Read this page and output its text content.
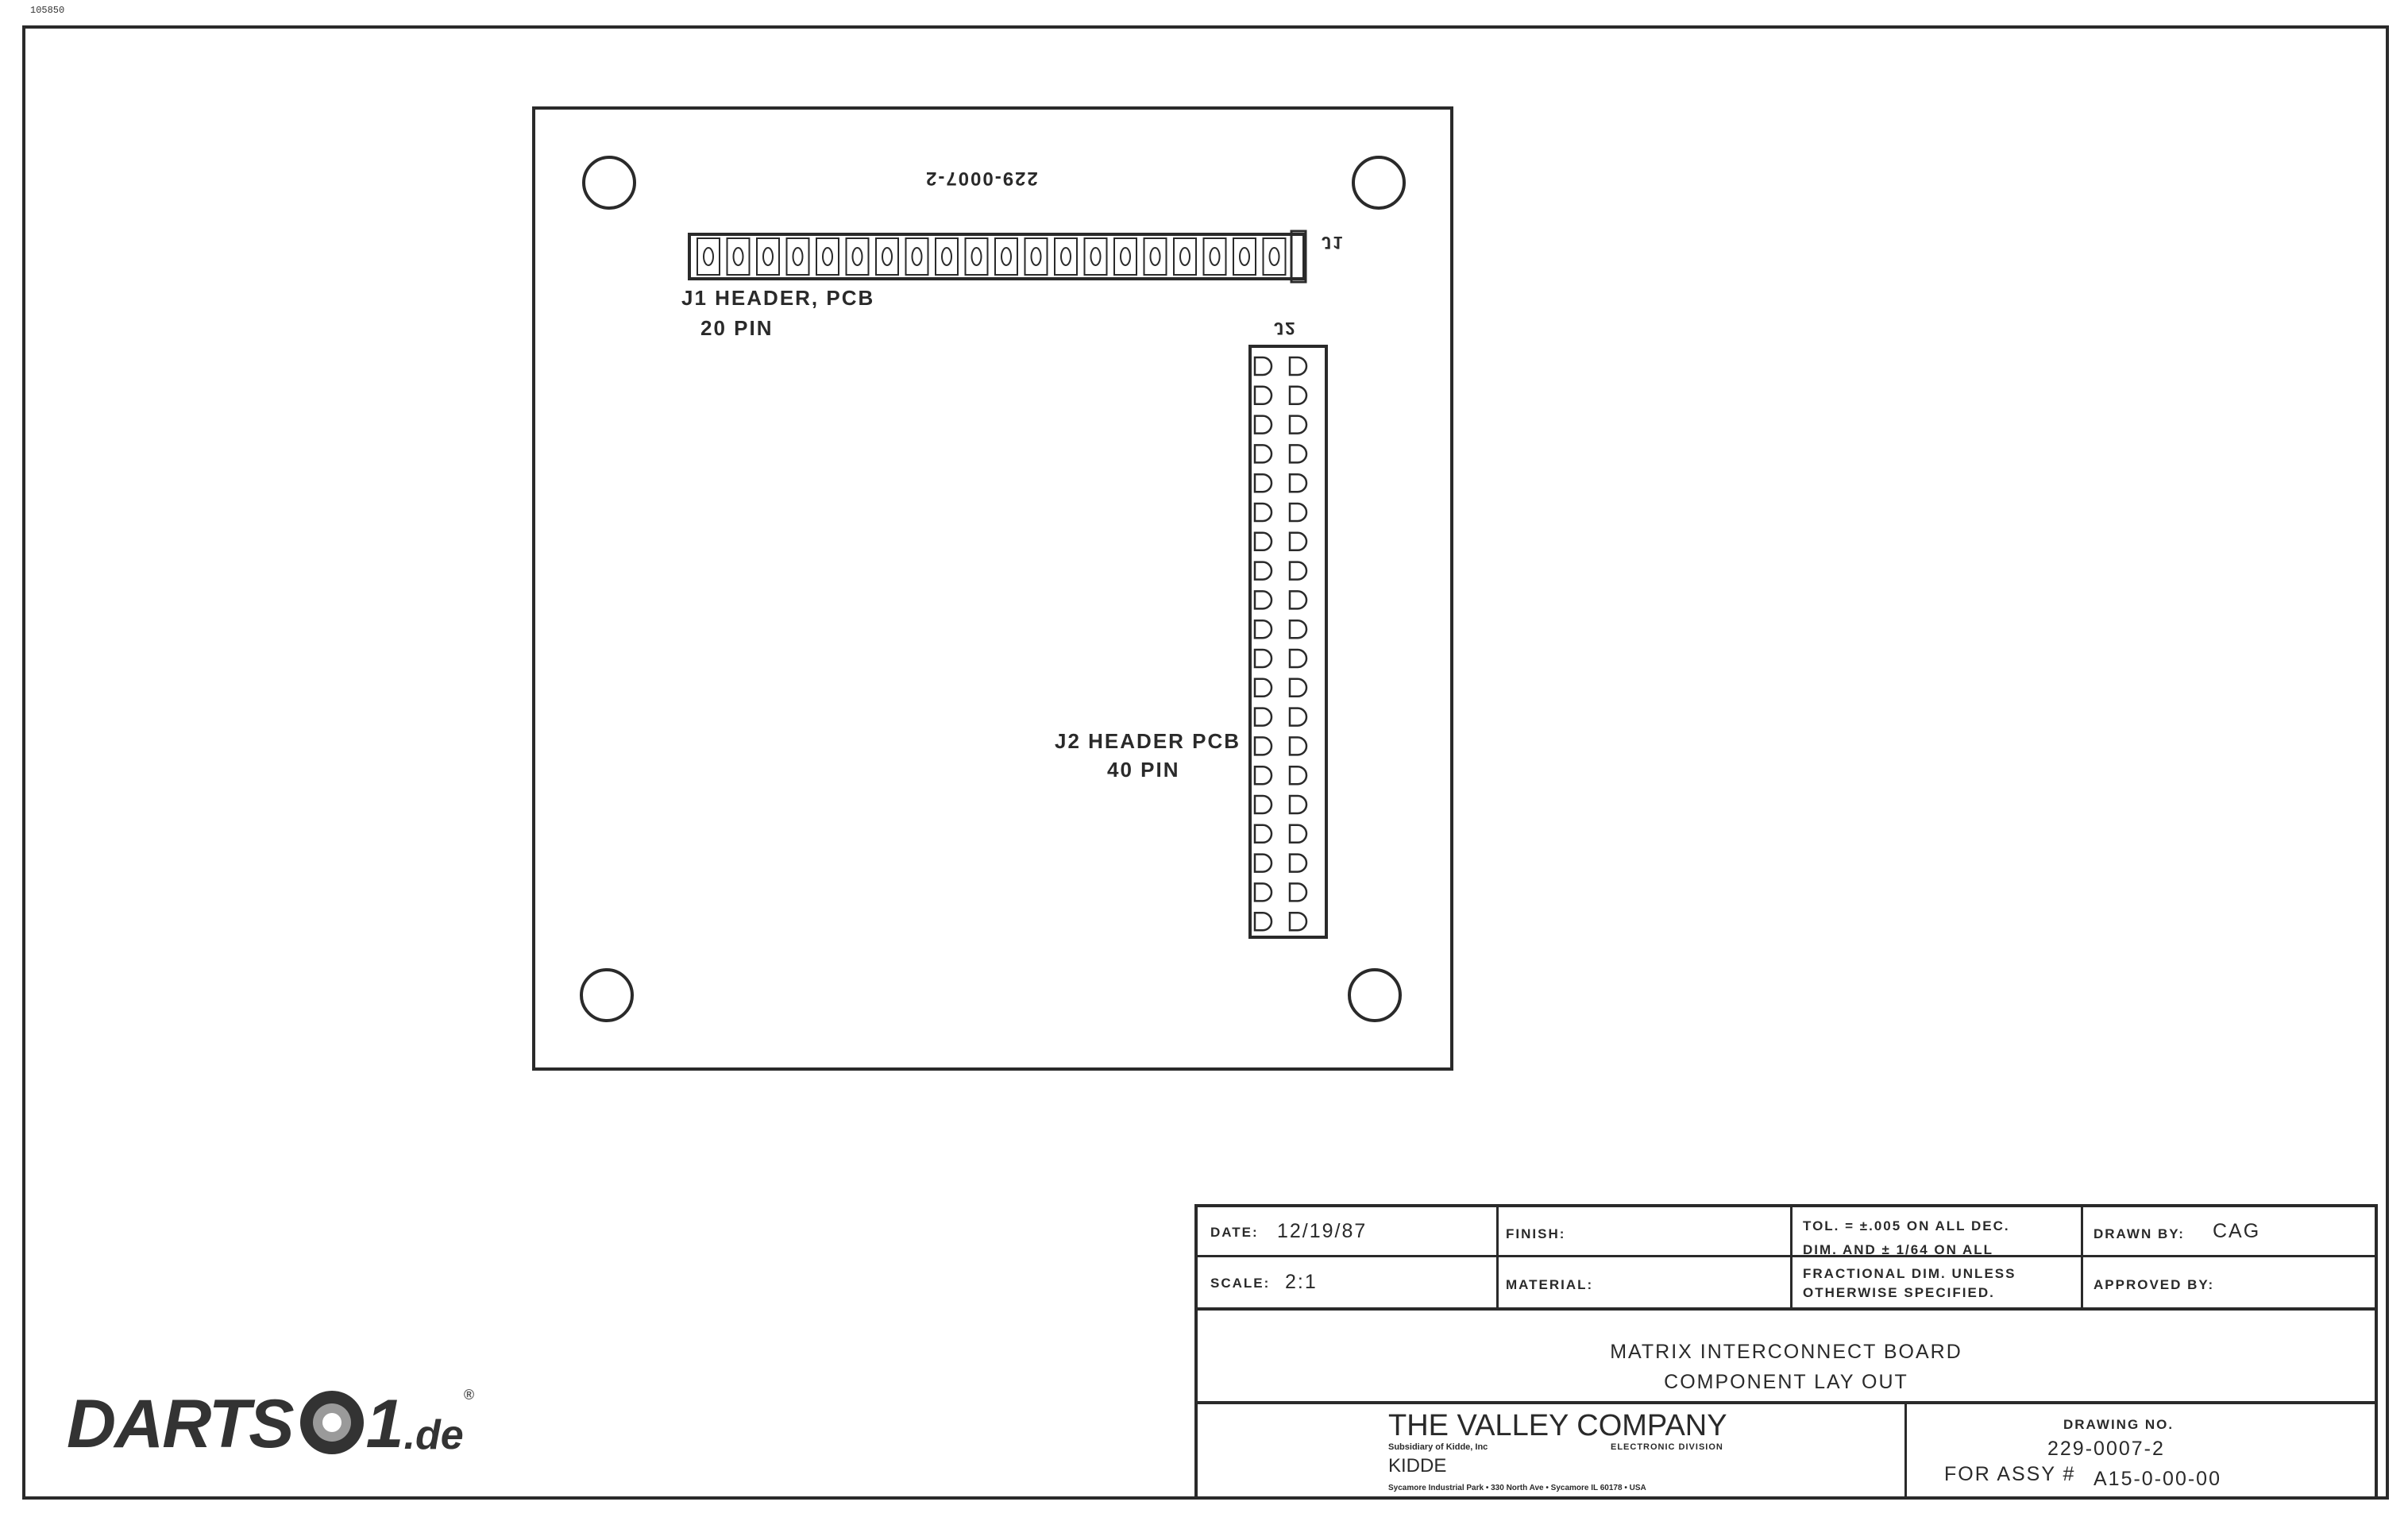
105850
229-0007-2
J1
J2
J1 HEADER, PCB
20 PIN
J2 HEADER PCB
40 PIN
DATE: 12/19/87
SCALE: 2:1
FINISH:
MATERIAL:
TOL. = ±.005 ON ALL DEC.
DIM. AND ± 1/64 ON ALL
FRACTIONAL DIM. UNLESS
OTHERWISE SPECIFIED.
DRAWN BY: CAG
APPROVED BY:
MATRIX INTERCONNECT BOARD
COMPONENT LAY OUT
THE VALLEY COMPANY
Subsidiary of Kidde, Inc	ELECTRONIC DIVISION
KIDDE
Sycamore Industrial Park • 330 North Ave • Sycamore IL 60178 • USA
DRAWING NO.
229-0007-2
FOR ASSY # A15-0-00-00
DARTS 1 .de
®
